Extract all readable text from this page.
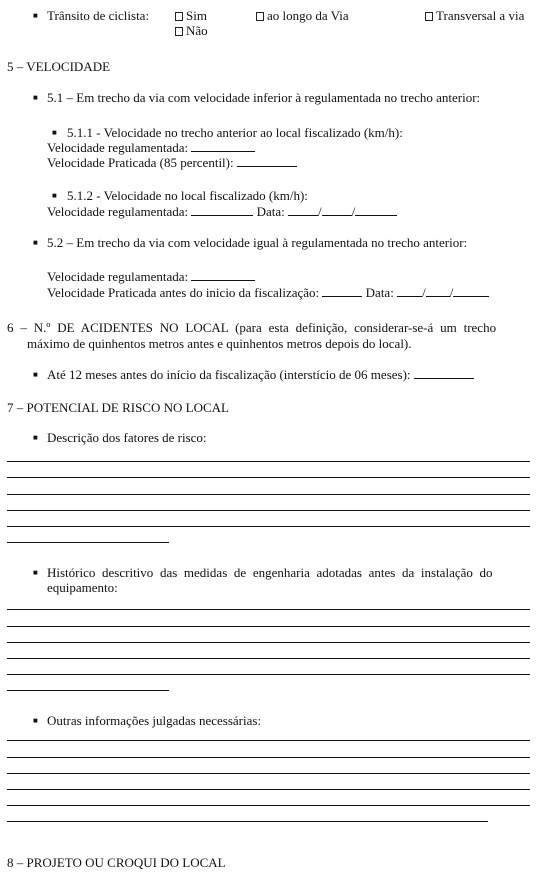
■ Trânsito de ciclista:	Sim
Não
ao longo da Via	Transversal a via
5 – VELOCIDADE
■ 5.1 – Em trecho da via com velocidade inferior à regulamentada no trecho anterior:
■ 5.1.1 - Velocidade no trecho anterior ao local fiscalizado (km/h):
Velocidade regulamentada:
Velocidade Praticada (85 percentil):
■ 5.1.2 - Velocidade no local fiscalizado (km/h):
Velocidade regulamentada:	Data:	/ /
■ 5.2 – Em trecho da via com velocidade igual à regulamentada no trecho anterior:
Velocidade regulamentada:
Velocidade Praticada antes do inicio da fiscalização:	Data: / /
6 – N.º DE ACIDENTES NO LOCAL (para esta definição, considerar-se-á um trecho
máximo de quinhentos metros antes e quinhentos metros depois do local).
■ Até 12 meses antes do início da fiscalização (interstício de 06 meses):
7 – POTENCIAL DE RISCO NO LOCAL
■ Descrição dos fatores de risco:
■ Histórico descritivo das medidas de engenharia adotadas antes da instalação do
equipamento:
■ Outras informações julgadas necessárias:
8 – PROJETO OU CROQUI DO LOCAL
